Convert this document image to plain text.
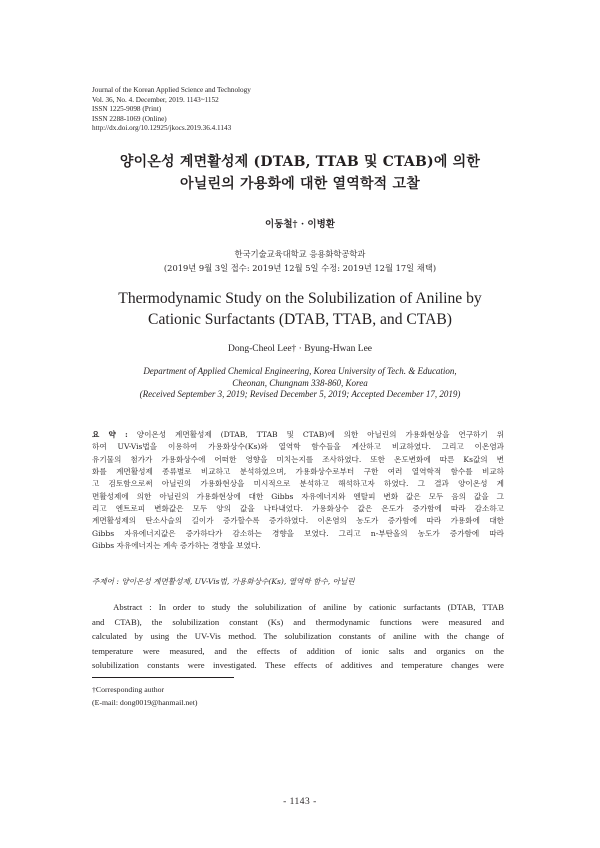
Journal of the Korean Applied Science and Technology
Vol. 36, No. 4. December, 2019. 1143~1152
ISSN 1225-9098 (Print)
ISSN 2288-1069 (Online)
http://dx.doi.org/10.12925/jkocs.2019.36.4.1143
양이온성 계면활성제 (DTAB, TTAB 및 CTAB)에 의한
아닐린의 가용화에 대한 열역학적 고찰
이동철† · 이병환
한국기술교육대학교 응용화학공학과
(2019년 9월 3일 접수: 2019년 12월 5일 수정: 2019년 12월 17일 채택)
Thermodynamic Study on the Solubilization of Aniline by
Cationic Surfactants (DTAB, TTAB, and CTAB)
Dong-Cheol Lee† · Byung-Hwan Lee
Department of Applied Chemical Engineering, Korea University of Tech. & Education,
Cheonan, Chungnam 338-860, Korea
(Received September 3, 2019; Revised December 5, 2019; Accepted December 17, 2019)
요 약 : 양이온성 계면활성제 (DTAB, TTAB 및 CTAB)에 의한 아닐린의 가용화현상을 연구하기 위
하여 UV-Vis법을 이용하여 가용화상수(Ks)와 열역학 함수들을 계산하고 비교하였다. 그리고 이온염과
유기물의 첨가가 가용화상수에 어떠한 영향을 미치는지를 조사하였다. 또한 온도변화에 따른 Ks값의 변
화를 계면활성제 종류별로 비교하고 분석하였으며, 가용화상수로부터 구한 여러 열역학적 함수를 비교하
고 검토함으로써 아닐린의 가용화현상을 미시적으로 분석하고 해석하고자 하였다. 그 결과 양이온성 계
면활성제에 의한 아닐린의 가용화현상에 대한 Gibbs 자유에너지와 엔탈피 변화 값은 모두 음의 값을 그
리고 엔트로피 변화값은 모두 양의 값을 나타내었다. 가용화상수 값은 온도가 증가함에 따라 감소하고
계면활성제의 탄소사슬의 길이가 증가할수록 증가하였다. 이온염의 농도가 증가함에 따라 가용화에 대한
Gibbs 자유에너지값은 증가하다가 감소하는 경향을 보였다. 그리고 n-부탄올의 농도가 증가함에 따라
Gibbs 자유에너지는 계속 증가하는 경향을 보였다.
주제어 : 양이온성 계면활성제, UV-Vis법, 가용화상수(Ks), 열역학 함수, 아닐린
Abstract : In order to study the solubilization of aniline by cationic surfactants (DTAB, TTAB
and CTAB), the solubilization constant (Ks) and thermodynamic functions were measured and
calculated by using the UV-Vis method. The solubilization constants of aniline with the change of
temperature were measured, and the effects of addition of ionic salts and organics on the
solubilization constants were investigated. These effects of additives and temperature changes were
†Corresponding author
(E-mail: dong0019@hanmail.net)
- 1143 -
